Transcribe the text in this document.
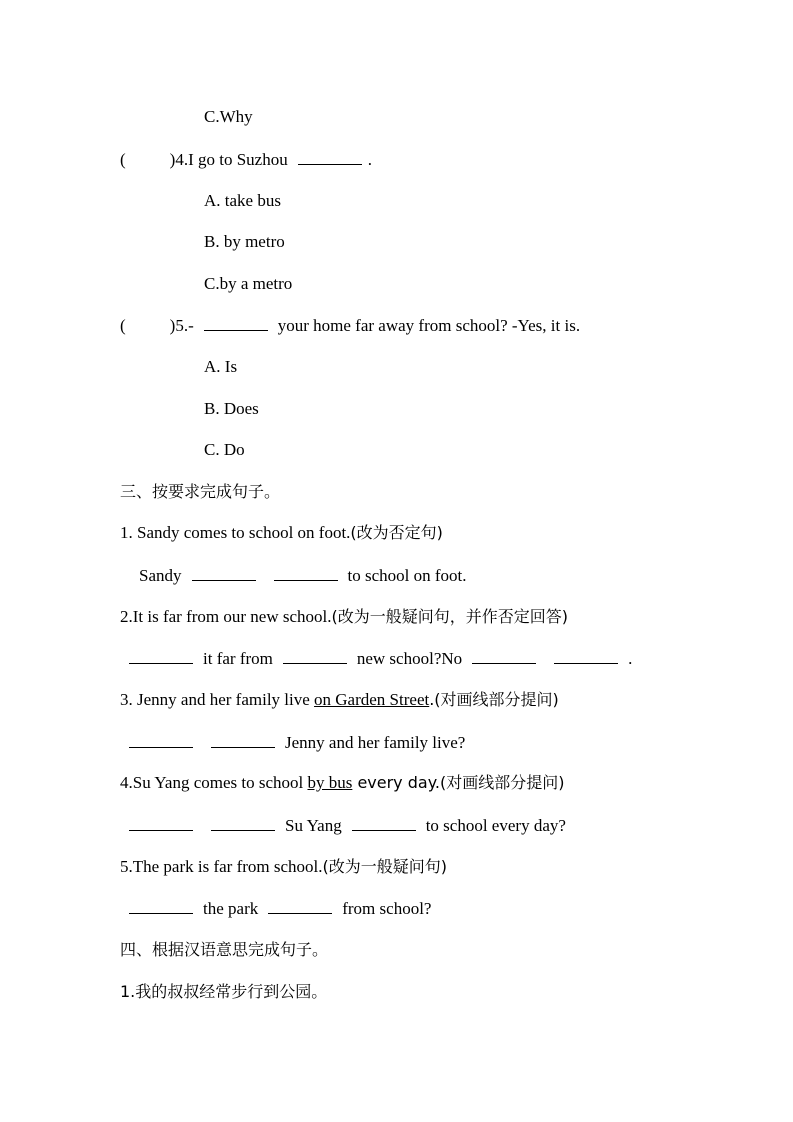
C.Why
(	)4.I go to Suzhou	.
A. take bus
B. by metro
C.by a metro
(	)5.-	your home far away from school? -Yes, it is.
A. Is
B. Does
C. Do
三、按要求完成句子。
1. Sandy comes to school on foot.(改为否定句)
Sandy	to school on foot.
2.It is far from our new school.(改为一般疑问句，并作否定回答)
it far from	new school?No	.
3. Jenny and her family live on Garden Street.(对画线部分提问)
Jenny and her family live?
4.Su Yang comes to school by bus every day.(对画线部分提问)
Su Yang	to school every day?
5.The park is far from school.(改为一般疑问句)
the park	from school?
四、根据汉语意思完成句子。
1.我的叔叔经常步行到公园。
